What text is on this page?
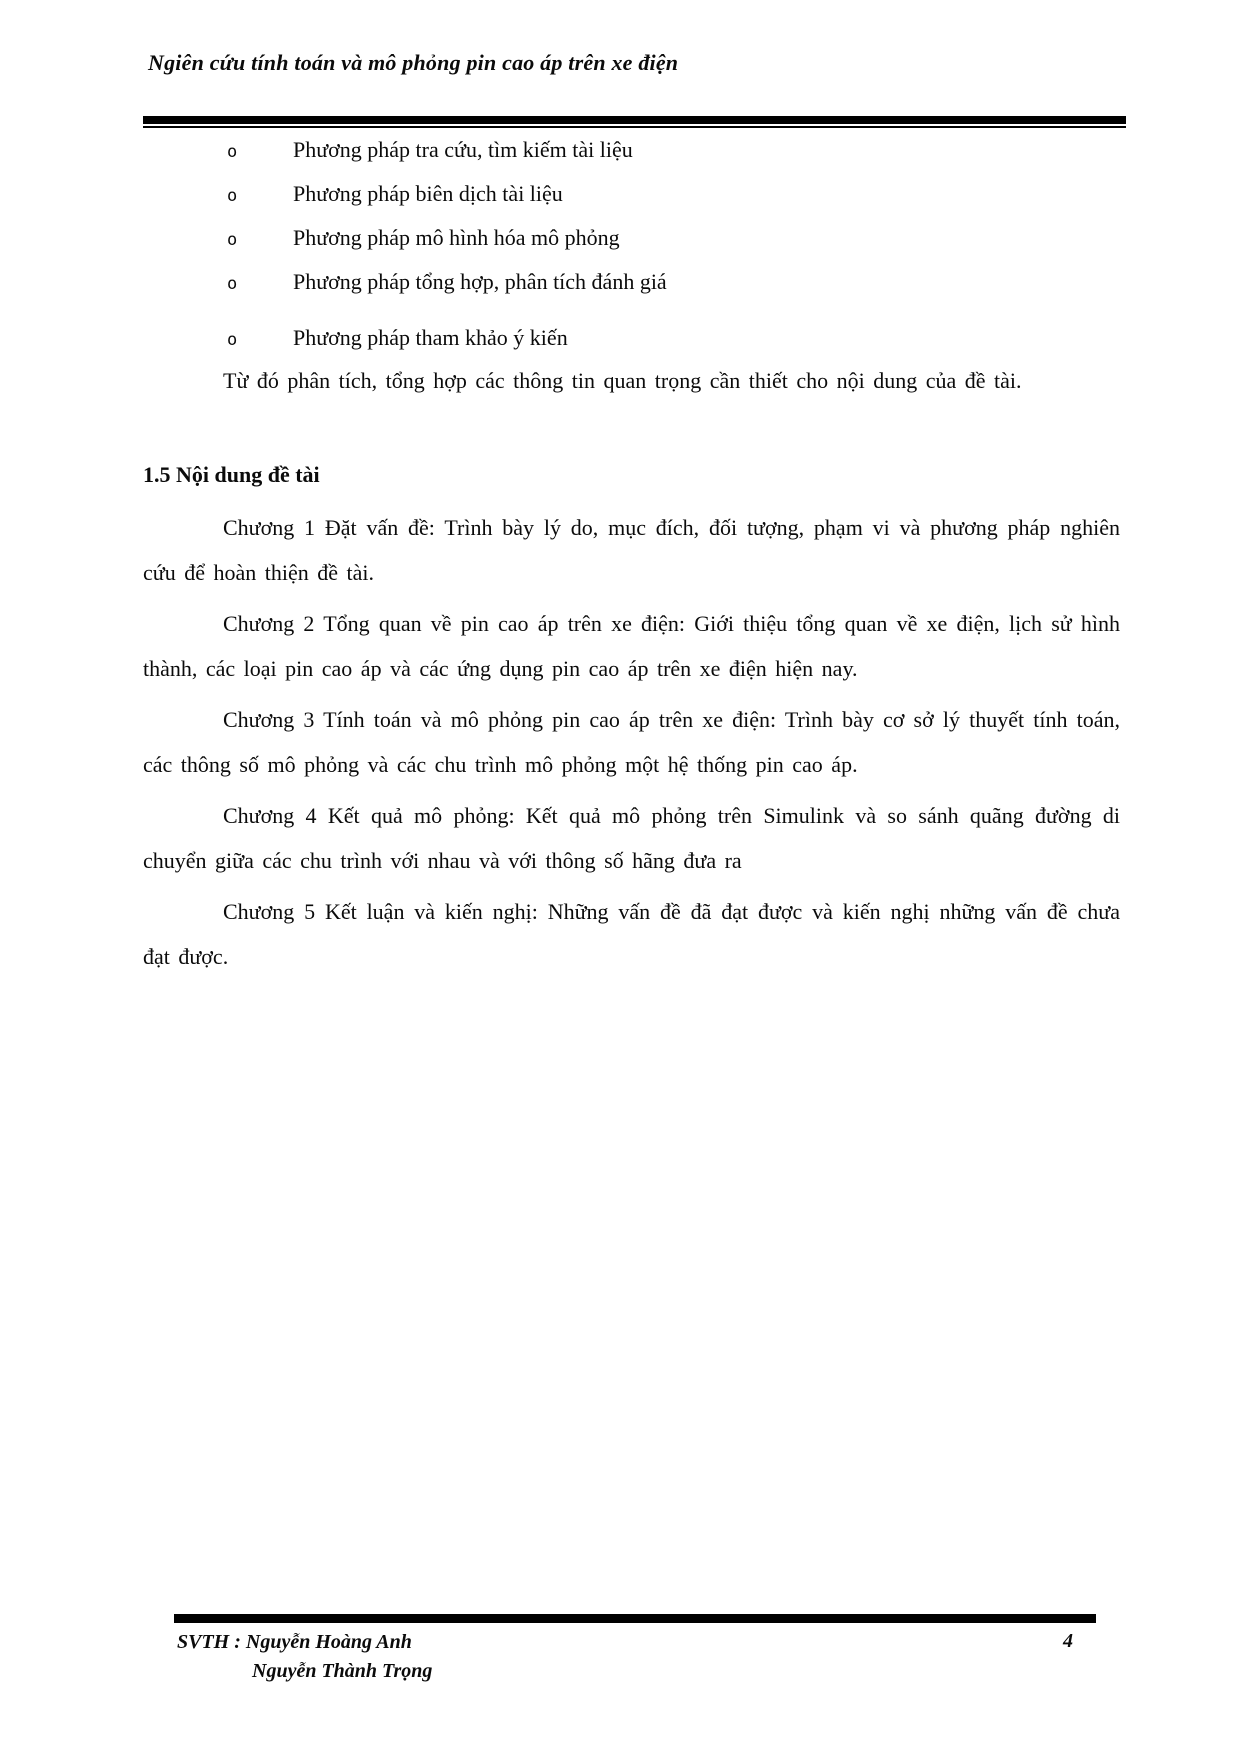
Ngiên cứu tính toán và mô phỏng pin cao áp trên xe điện
o	Phương pháp tra cứu, tìm kiếm tài liệu
o	Phương pháp biên dịch tài liệu
o	Phương pháp mô hình hóa mô phỏng
o	Phương pháp tổng hợp, phân tích đánh giá
o	Phương pháp tham khảo ý kiến

Từ đó phân tích, tổng hợp các thông tin quan trọng cần thiết cho nội dung của đề tài.

1.5 Nội dung đề tài

Chương 1 Đặt vấn đề: Trình bày lý do, mục đích, đối tượng, phạm vi và phương pháp nghiên cứu để hoàn thiện đề tài.

Chương 2 Tổng quan về pin cao áp trên xe điện: Giới thiệu tổng quan về xe điện, lịch sử hình thành, các loại pin cao áp và các ứng dụng pin cao áp trên xe điện hiện nay.

Chương 3 Tính toán và mô phỏng pin cao áp trên xe điện: Trình bày cơ sở lý thuyết tính toán, các thông số mô phỏng và các chu trình mô phỏng một hệ thống pin cao áp.

Chương 4 Kết quả mô phỏng: Kết quả mô phỏng trên Simulink và so sánh quãng đường di chuyển giữa các chu trình với nhau và với thông số hãng đưa ra

Chương 5 Kết luận và kiến nghị: Những vấn đề đã đạt được và kiến nghị những vấn đề chưa đạt được.

SVTH : Nguyễn Hoàng Anh
Nguyễn Thành Trọng
4
